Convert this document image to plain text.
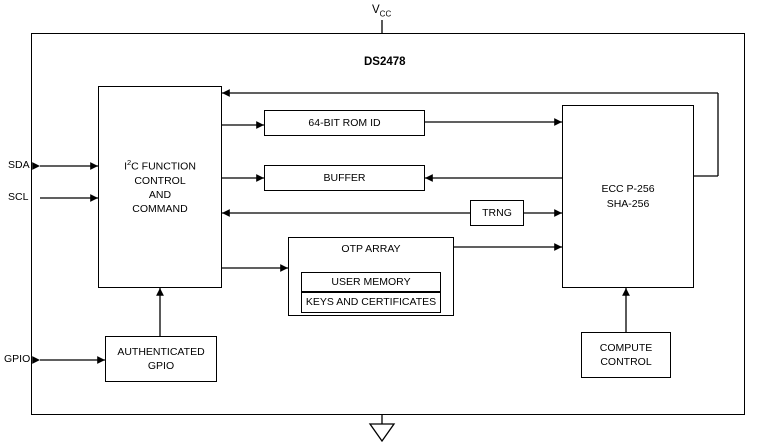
$V_{CC}$
DS2478
SDA
SCL
GPIO
$I^2C$ FUNCTION
CONTROL
AND
COMMAND
64-BIT ROM ID
BUFFER
TRNG
OTP ARRAY
USER MEMORY
KEYS AND CERTIFICATES
ECC P-256
SHA-256
COMPUTE
CONTROL
AUTHENTICATED
GPIO
